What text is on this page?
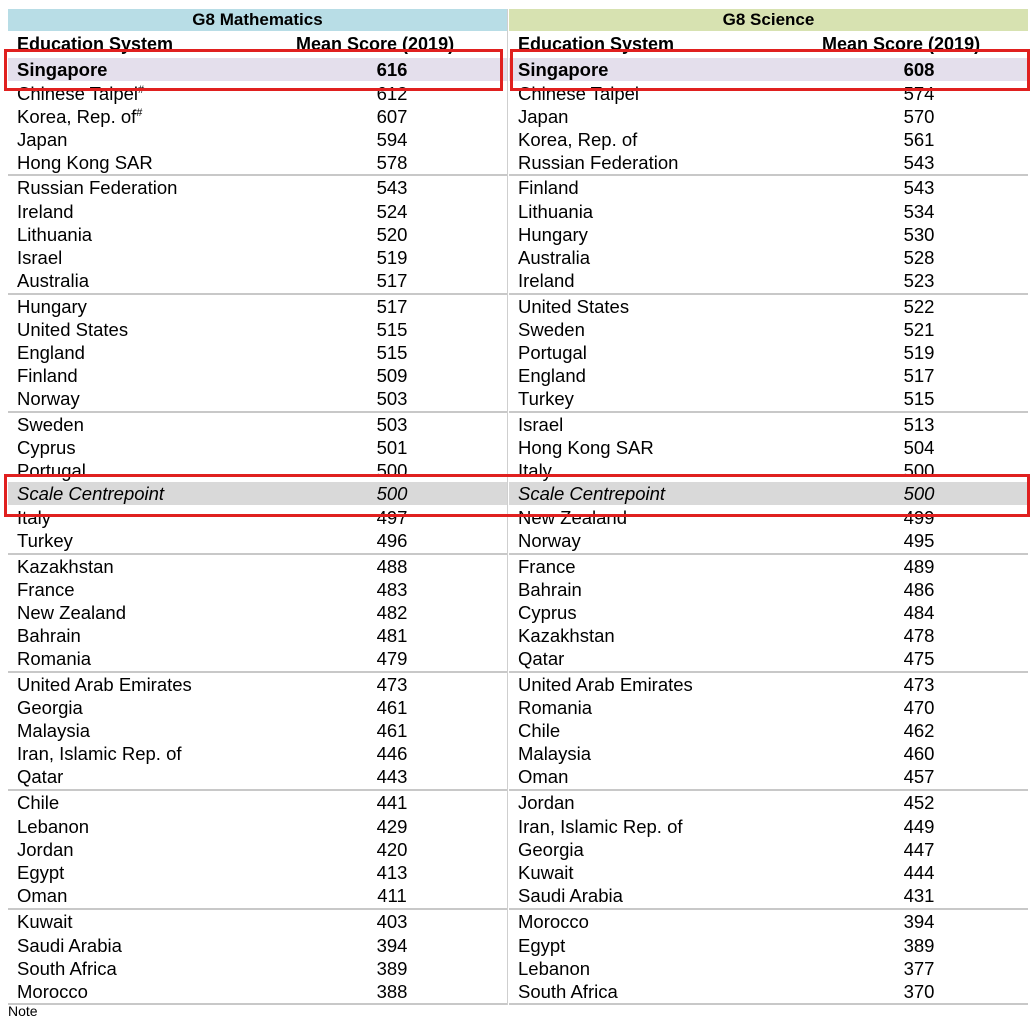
G8 Mathematics	G8 Science
Education System	Mean Score (2019)	Education System	Mean Score (2019)
Singapore	616
Chinese Taipei#	612
Korea, Rep. of#	607
Japan	594
Hong Kong SAR	578
Russian Federation	543
Ireland	524
Lithuania	520
Israel	519
Australia	517
Hungary	517
United States	515
England	515
Finland	509
Norway	503
Sweden	503
Cyprus	501
Portugal	500
Scale Centrepoint	500
Italy	497
Turkey	496
Kazakhstan	488
France	483
New Zealand	482
Bahrain	481
Romania	479
United Arab Emirates	473
Georgia	461
Malaysia	461
Iran, Islamic Rep. of	446
Qatar	443
Chile	441
Lebanon	429
Jordan	420
Egypt	413
Oman	411
Kuwait	403
Saudi Arabia	394
South Africa	389
Morocco	388
Singapore	608
Chinese Taipei	574
Japan	570
Korea, Rep. of	561
Russian Federation	543
Finland	543
Lithuania	534
Hungary	530
Australia	528
Ireland	523
United States	522
Sweden	521
Portugal	519
England	517
Turkey	515
Israel	513
Hong Kong SAR	504
Italy	500
Scale Centrepoint	500
New Zealand	499
Norway	495
France	489
Bahrain	486
Cyprus	484
Kazakhstan	478
Qatar	475
United Arab Emirates	473
Romania	470
Chile	462
Malaysia	460
Oman	457
Jordan	452
Iran, Islamic Rep. of	449
Georgia	447
Kuwait	444
Saudi Arabia	431
Morocco	394
Egypt	389
Lebanon	377
South Africa	370
Note
